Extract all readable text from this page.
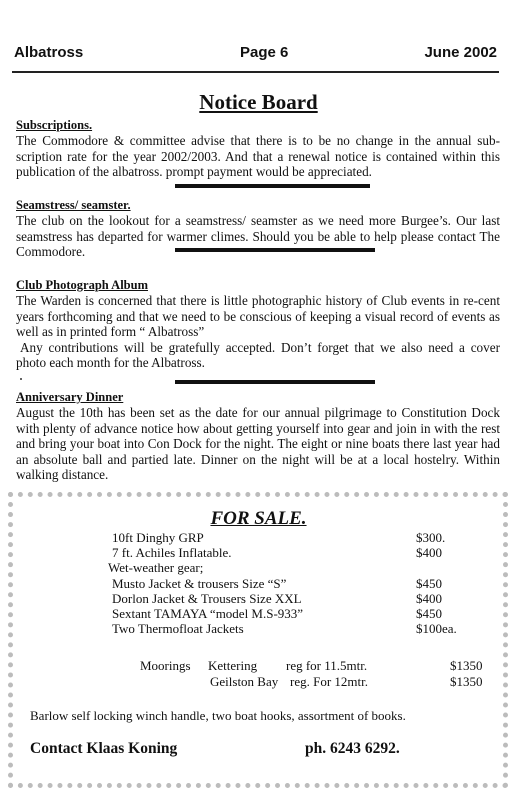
Albatross	Page 6	June 2002
Notice Board
Subscriptions.

The Commodore & committee advise that there is to be no change in the annual sub-scription rate for the year 2002/2003. And that a renewal notice is contained within this publication of the albatross. prompt payment would be appreciated.

Seamstress/ seamster.

The club on the lookout for a seamstress/ seamster as we need more Burgee’s. Our last seamstress has departed for warmer climes. Should you be able to help please contact The Commodore.

Club Photograph Album

The Warden is concerned that there is little photographic history of Club events in re-cent years forthcoming and that we need to be conscious of keeping a visual record of events as well as in printed form “ Albatross”

Any contributions will be gratefully accepted. Don’t forget that we also need a cover photo each month for the Albatross.

Anniversary Dinner

August the 10th has been set as the date for our annual pilgrimage to Constitution Dock with plenty of advance notice how about getting yourself into gear and join in with the rest and bring your boat into Con Dock for the night. The eight or nine boats there last year had an absolute ball and partied late. Dinner on the night will be at a local hostelry. Within walking distance.

FOR SALE.
10ft Dinghy GRP	$300.
7 ft. Achiles Inflatable.	$400
Wet-weather gear;
Musto Jacket & trousers Size “S”	$450
Dorlon Jacket & Trousers Size XXL	$400
Sextant TAMAYA “model M.S-933”	$450
Two Thermofloat Jackets	$100ea.
Moorings Kettering reg for 11.5mtr.	$1350
Geilston Bay reg. For 12mtr.	$1350
Barlow self locking winch handle, two boat hooks, assortment of books.
Contact Klaas Koning	ph. 6243 6292.
